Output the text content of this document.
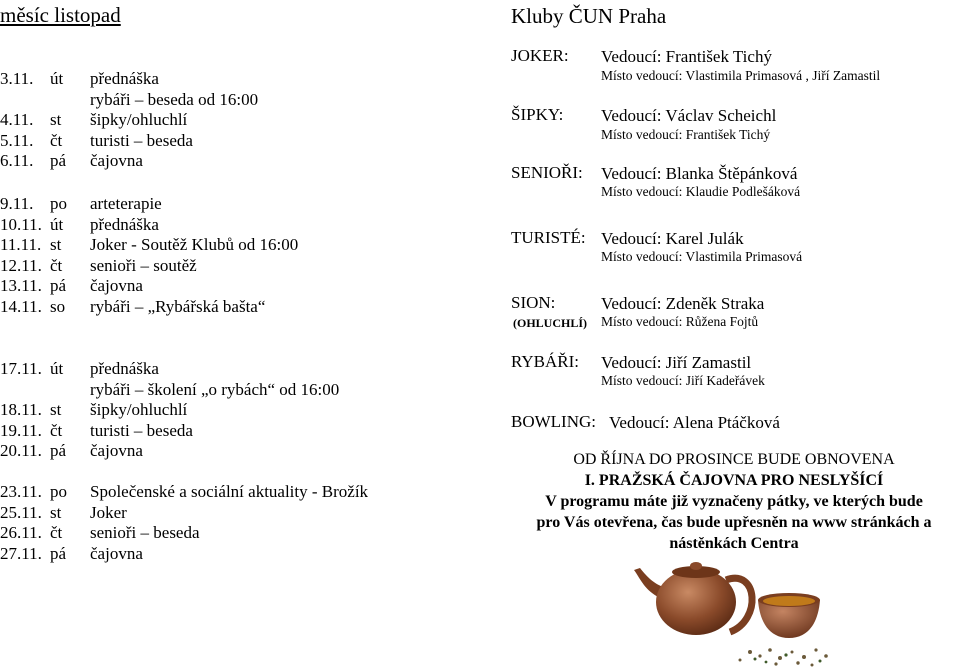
měsíc listopad
3.11. út přednáška
rybáři – beseda od 16:00
4.11. st šipky/ohluchlí
5.11. čt turisti – beseda
6.11. pá čajovna
9.11. po arteterapie
10.11. út přednáška
11.11. st Joker - Soutěž Klubů od 16:00
12.11. čt senioři – soutěž
13.11. pá čajovna
14.11. so rybáři – „Rybářská bašta“
17.11. út přednáška
rybáři – školení „o rybách“ od 16:00
18.11. st šipky/ohluchlí
19.11. čt turisti – beseda
20.11. pá čajovna
23.11. po Společenské a sociální aktuality - Brožík
25.11. st Joker
26.11. čt senioři – beseda
27.11. pá čajovna
Kluby ČUN Praha
JOKER: Vedoucí: František Tichý
Místo vedoucí: Vlastimila Primasová , Jiří Zamastil
ŠIPKY: Vedoucí: Václav Scheichl
Místo vedoucí: František Tichý
SENIOŘI: Vedoucí: Blanka Štěpánková
Místo vedoucí: Klaudie Podlešáková
TURISTÉ: Vedoucí: Karel Julák
Místo vedoucí: Vlastimila Primasová
SION:
(OHLUCHLÍ)
Vedoucí: Zdeněk Straka
Místo vedoucí: Růžena Fojtů
RYBÁŘI: Vedoucí: Jiří Zamastil
Místo vedoucí: Jiří Kadeřávek
BOWLING: Vedoucí: Alena Ptáčková
OD ŘÍJNA DO PROSINCE BUDE OBNOVENA
I. PRAŽSKÁ ČAJOVNA PRO NESLYŠÍCÍ
V programu máte již vyznačeny pátky, ve kterých bude
pro Vás otevřena, čas bude upřesněn na www stránkách a
nástěnkách Centra
